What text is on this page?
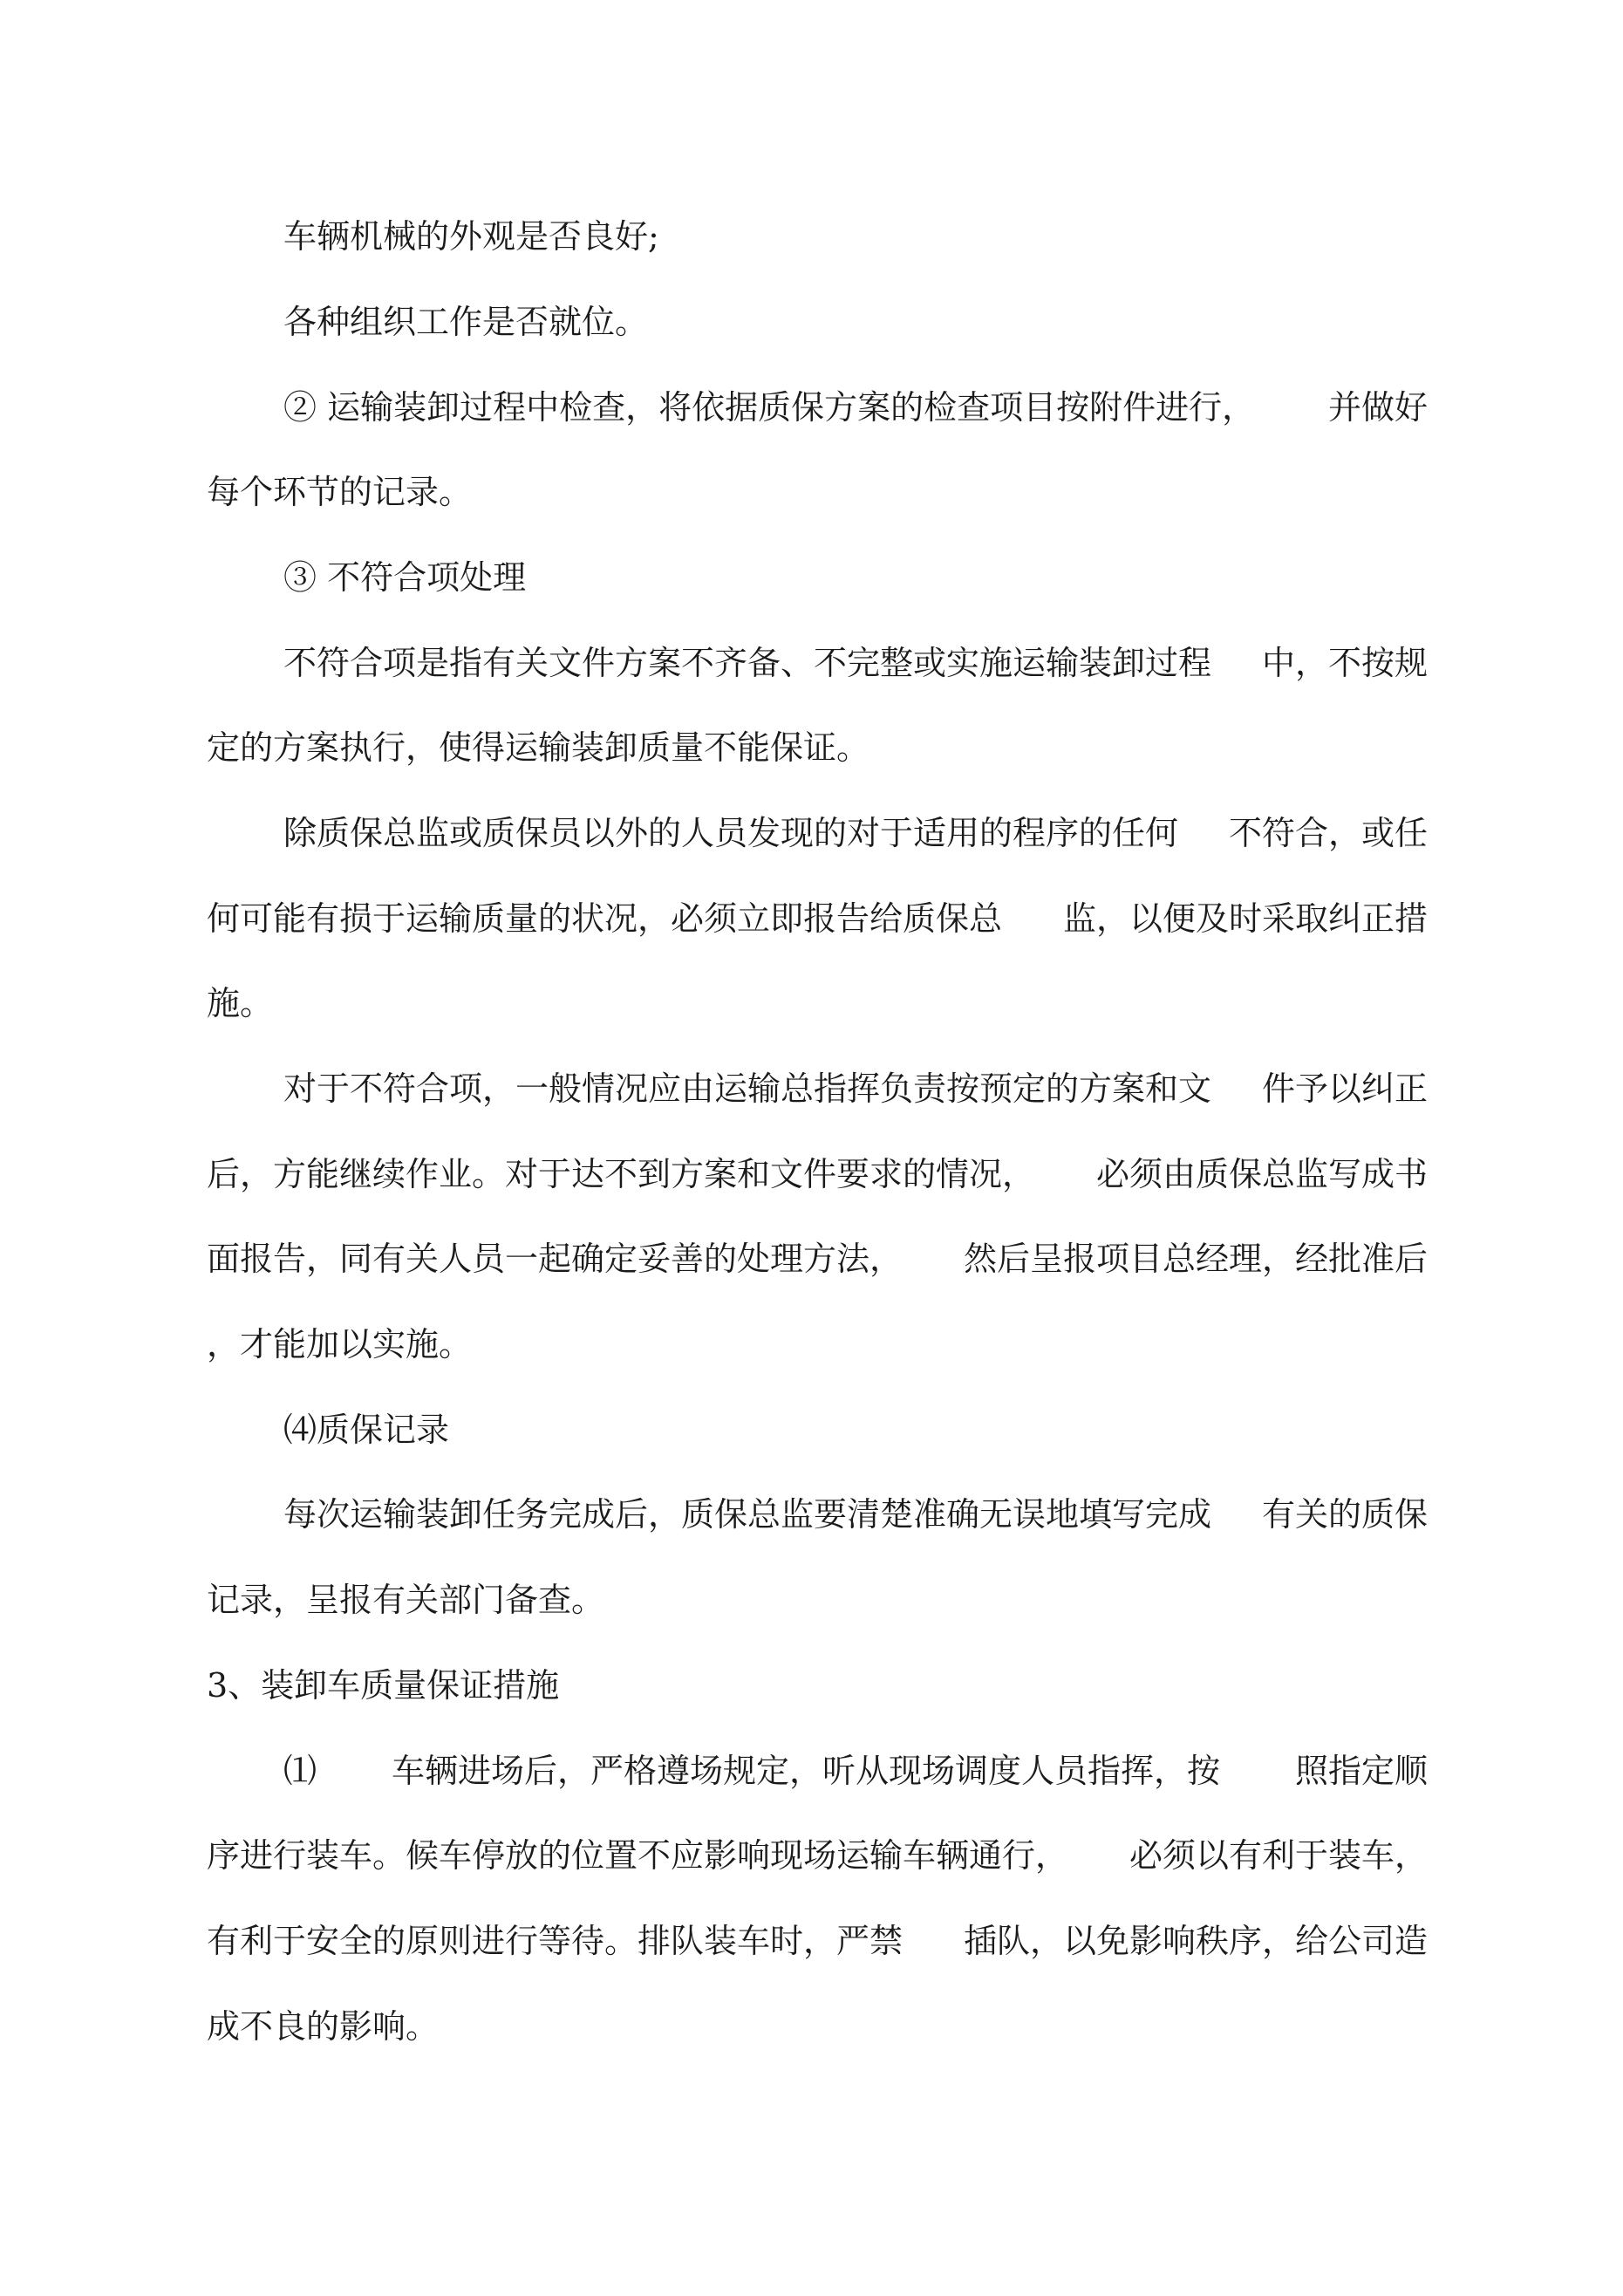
车辆机械的外观是否良好;
各种组织工作是否就位。
② 运输装卸过程中检查，将依据质保方案的检查项目按附件进行， 并做好
每个环节的记录。
③ 不符合项处理
不符合项是指有关文件方案不齐备、不完整或实施运输装卸过程 中，不按规
定的方案执行，使得运输装卸质量不能保证。
除质保总监或质保员以外的人员发现的对于适用的程序的任何 不符合，或任
何可能有损于运输质量的状况，必须立即报告给质保总 监，以便及时采取纠正措
施。
对于不符合项，一般情况应由运输总指挥负责按预定的方案和文 件予以纠正
后，方能继续作业。对于达不到方案和文件要求的情况， 必须由质保总监写成书
面报告，同有关人员一起确定妥善的处理方法， 然后呈报项目总经理，经批准后
，才能加以实施。
⑷质保记录
每次运输装卸任务完成后，质保总监要清楚准确无误地填写完成 有关的质保
记录，呈报有关部门备查。
3、装卸车质量保证措施
⑴ 车辆进场后，严格遵场规定，听从现场调度人员指挥，按 照指定顺
序进行装车。候车停放的位置不应影响现场运输车辆通行， 必须以有利于装车，
有利于安全的原则进行等待。排队装车时，严禁 插队，以免影响秩序，给公司造
成不良的影响。
